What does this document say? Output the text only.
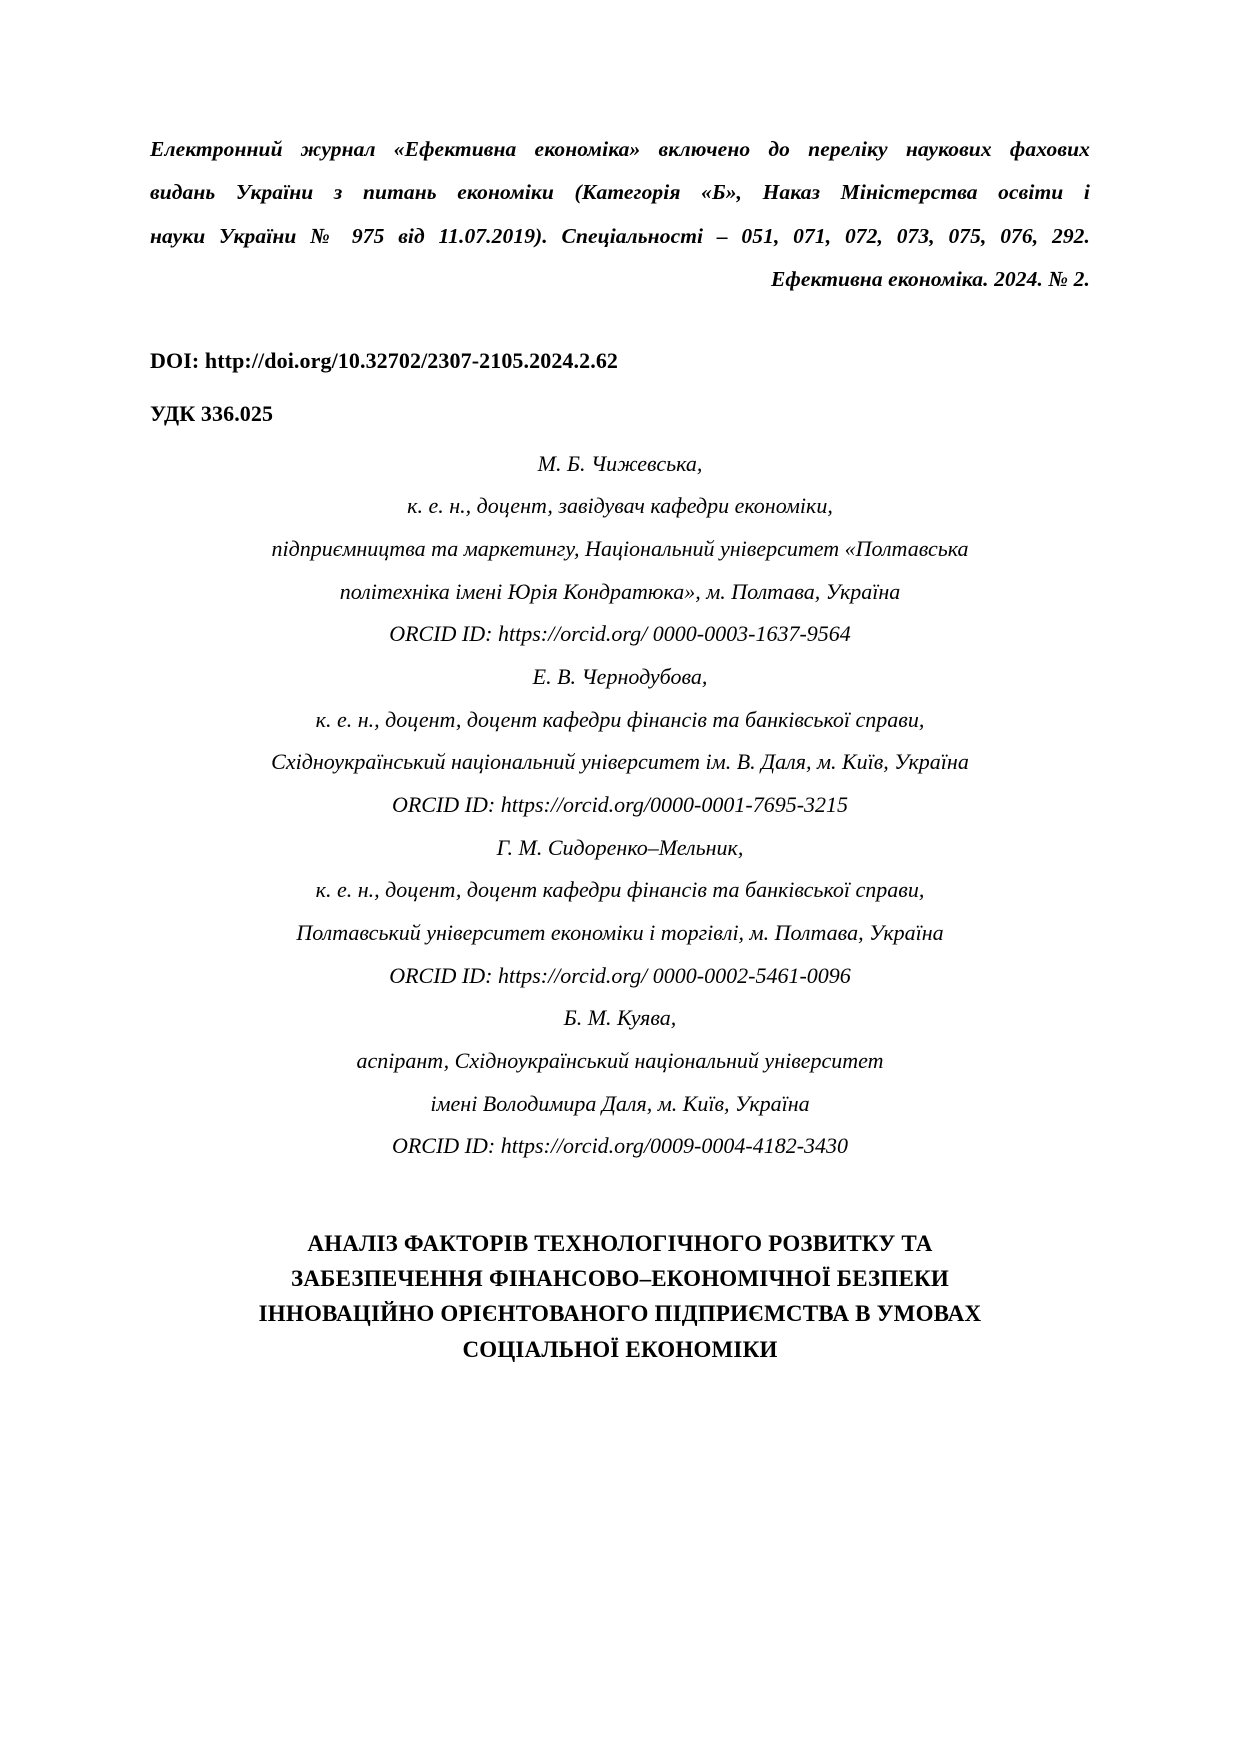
Електронний журнал «Ефективна економіка» включено до переліку наукових фахових
видань України з питань економіки (Категорія «Б», Наказ Міністерства освіти і
науки України № 975 від 11.07.2019). Спеціальності – 051, 071, 072, 073, 075, 076, 292.
Ефективна економіка. 2024. № 2.
DOI: http://doi.org/10.32702/2307-2105.2024.2.62
УДК 336.025
М. Б. Чижевська,
к. е. н., доцент, завідувач кафедри економіки,
підприємництва та маркетингу, Національний університет «Полтавська
політехніка імені Юрія Кондратюка», м. Полтава, Україна
ORCID ID: https://orcid.org/ 0000-0003-1637-9564
Е. В. Чернодубова,
к. е. н., доцент, доцент кафедри фінансів та банківської справи,
Східноукраїнський національний університет ім. В. Даля, м. Київ, Україна
ORCID ID: https://orcid.org/0000-0001-7695-3215
Г. М. Сидоренко–Мельник,
к. е. н., доцент, доцент кафедри фінансів та банківської справи,
Полтавський університет економіки і торгівлі, м. Полтава, Україна
ORCID ID: https://orcid.org/ 0000-0002-5461-0096
Б. М. Куява,
аспірант, Східноукраїнський національний університет
імені Володимира Даля, м. Київ, Україна
ORCID ID: https://orcid.org/0009-0004-4182-3430
АНАЛІЗ ФАКТОРІВ ТЕХНОЛОГІЧНОГО РОЗВИТКУ ТА
ЗАБЕЗПЕЧЕННЯ ФІНАНСОВО–ЕКОНОМІЧНОЇ БЕЗПЕКИ
ІННОВАЦІЙНО ОРІЄНТОВАНОГО ПІДПРИЄМСТВА В УМОВАХ
СОЦІАЛЬНОЇ ЕКОНОМІКИ
